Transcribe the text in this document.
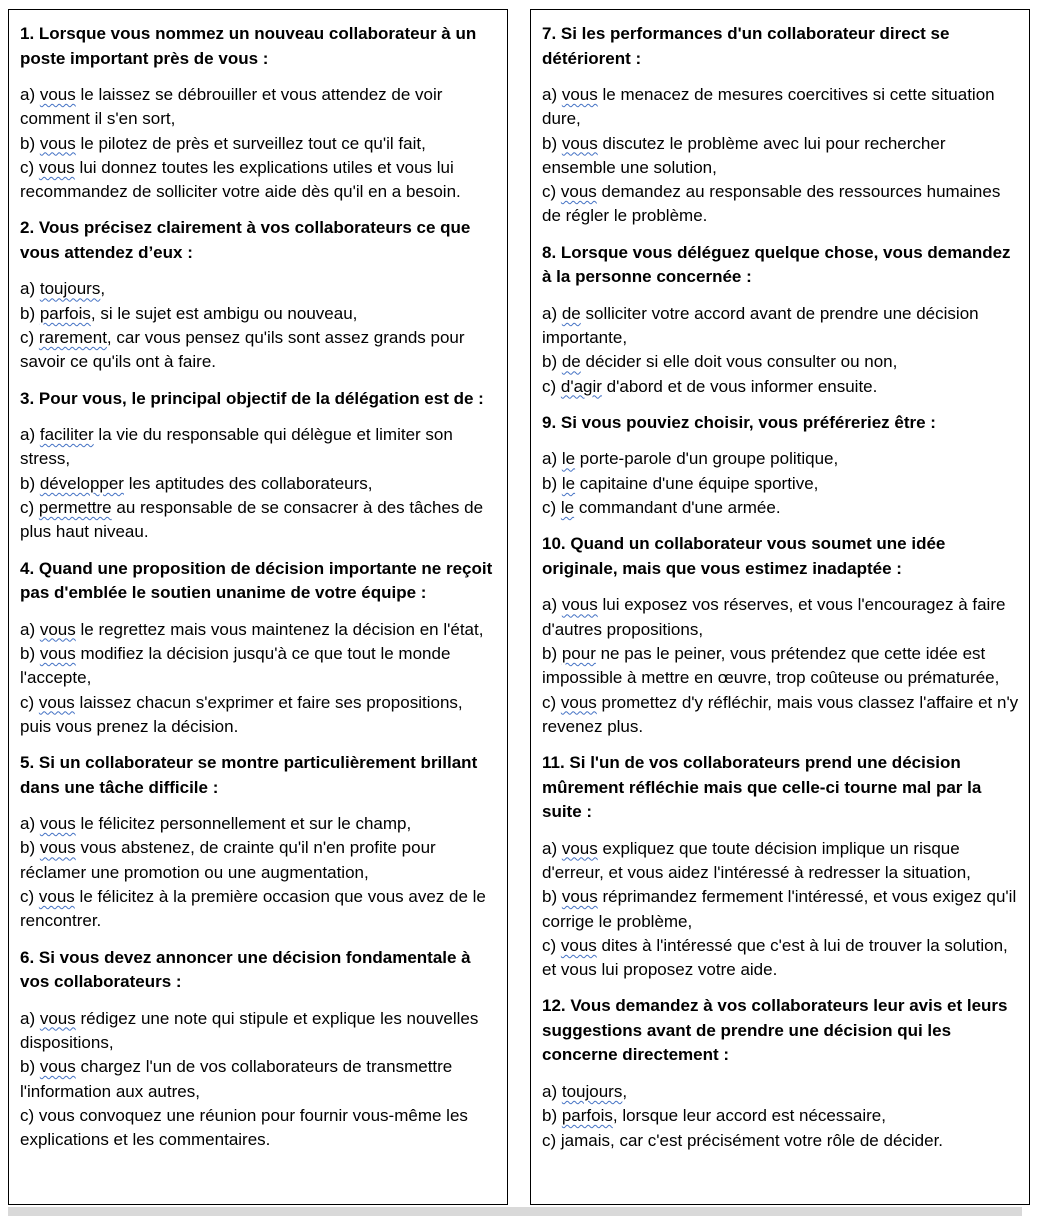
1. Lorsque vous nommez un nouveau collaborateur à un poste important près de vous :
a) vous le laissez se débrouiller et vous attendez de voir comment il s'en sort,
b) vous le pilotez de près et surveillez tout ce qu'il fait,
c) vous lui donnez toutes les explications utiles et vous lui recommandez de solliciter votre aide dès qu'il en a besoin.
2. Vous précisez clairement à vos collaborateurs ce que vous attendez d’eux :
a) toujours,
b) parfois, si le sujet est ambigu ou nouveau,
c) rarement, car vous pensez qu'ils sont assez grands pour savoir ce qu'ils ont à faire.
3. Pour vous, le principal objectif de la délégation est de :
a) faciliter la vie du responsable qui délègue et limiter son stress,
b) développer les aptitudes des collaborateurs,
c) permettre au responsable de se consacrer à des tâches de plus haut niveau.
4. Quand une proposition de décision importante ne reçoit pas d'emblée le soutien unanime de votre équipe :
a) vous le regrettez mais vous maintenez la décision en l'état,
b) vous modifiez la décision jusqu'à ce que tout le monde l'accepte,
c) vous laissez chacun s'exprimer et faire ses propositions, puis vous prenez la décision.
5. Si un collaborateur se montre particulièrement brillant dans une tâche difficile :
a) vous le félicitez personnellement et sur le champ,
b) vous vous abstenez, de crainte qu'il n'en profite pour réclamer une promotion ou une augmentation,
c) vous le félicitez à la première occasion que vous avez de le rencontrer.
6. Si vous devez annoncer une décision fondamentale à vos collaborateurs :
a) vous rédigez une note qui stipule et explique les nouvelles dispositions,
b) vous chargez l'un de vos collaborateurs de transmettre l'information aux autres,
c) vous convoquez une réunion pour fournir vous-même les explications et les commentaires.
7. Si les performances d'un collaborateur direct se détériorent :
a) vous le menacez de mesures coercitives si cette situation dure,
b) vous discutez le problème avec lui pour rechercher ensemble une solution,
c) vous demandez au responsable des ressources humaines de régler le problème.
8. Lorsque vous déléguez quelque chose, vous demandez à la personne concernée :
a) de solliciter votre accord avant de prendre une décision importante,
b) de décider si elle doit vous consulter ou non,
c) d'agir d'abord et de vous informer ensuite.
9. Si vous pouviez choisir, vous préféreriez être :
a) le porte-parole d'un groupe politique,
b) le capitaine d'une équipe sportive,
c) le commandant d'une armée.
10. Quand un collaborateur vous soumet une idée originale, mais que vous estimez inadaptée :
a) vous lui exposez vos réserves, et vous l'encouragez à faire d'autres propositions,
b) pour ne pas le peiner, vous prétendez que cette idée est impossible à mettre en œuvre, trop coûteuse ou prématurée,
c) vous promettez d'y réfléchir, mais vous classez l'affaire et n'y revenez plus.
11. Si l'un de vos collaborateurs prend une décision mûrement réfléchie mais que celle-ci tourne mal par la suite :
a) vous expliquez que toute décision implique un risque d'erreur, et vous aidez l'intéressé à redresser la situation,
b) vous réprimandez fermement l'intéressé, et vous exigez qu'il corrige le problème,
c) vous dites à l'intéressé que c'est à lui de trouver la solution, et vous lui proposez votre aide.
12. Vous demandez à vos collaborateurs leur avis et leurs suggestions avant de prendre une décision qui les concerne directement :
a) toujours,
b) parfois, lorsque leur accord est nécessaire,
c) jamais, car c'est précisément votre rôle de décider.
